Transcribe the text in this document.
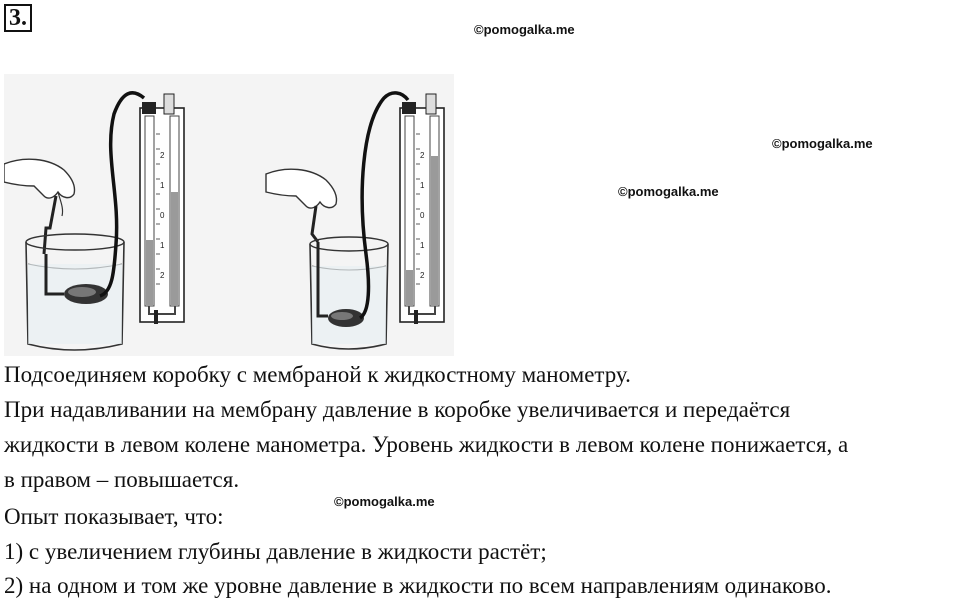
3.	©pomogalka.me
©pomogalka.me
©pomogalka.me
©pomogalka.me
2
1
0
1
2
2
1
0
1
2
Подсоединяем коробку с мембраной к жидкостному манометру.
При надавливании на мембрану давление в коробке увеличивается и передаётся
жидкости в левом колене манометра. Уровень жидкости в левом колене понижается, а
в правом – повышается.
Опыт показывает, что:
1) с увеличением глубины давление в жидкости растёт;
2) на одном и том же уровне давление в жидкости по всем направлениям одинаково.
